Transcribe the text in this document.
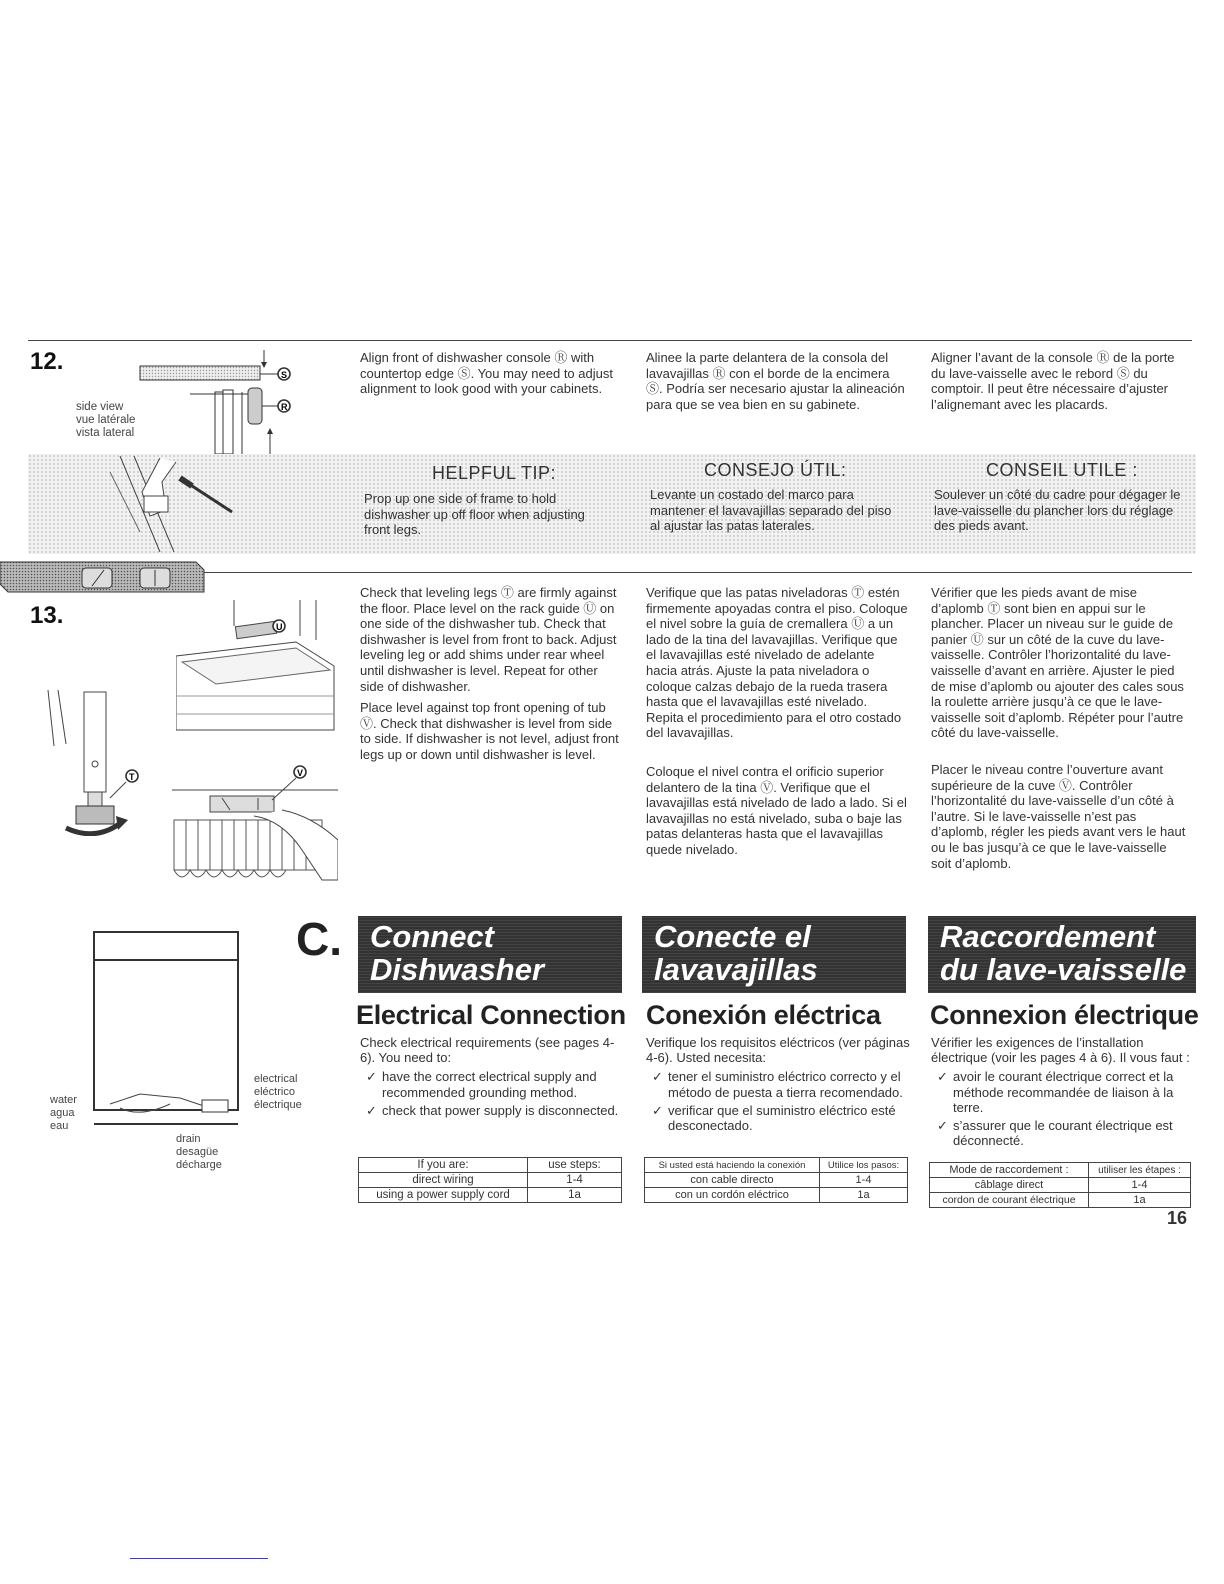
12.	S
R
side view
vue latérale
vista lateral

Align front of dishwasher console Ⓡ with countertop edge Ⓢ. You may need to adjust alignment to look good with your cabinets.

Alinee la parte delantera de la consola del lavavajillas Ⓡ con el borde de la encimera Ⓢ. Podría ser necesario ajustar la alineación para que se vea bien en su gabinete.

Aligner l’avant de la console Ⓡ de la porte du lave-vaisselle avec le rebord Ⓢ du comptoir. Il peut être nécessaire d’ajuster l’alignemant avec les placards.

HELPFUL TIP:
Prop up one side of frame to hold dishwasher up off floor when adjusting front legs.
CONSEJO ÚTIL:
Levante un costado del marco para mantener el lavavajillas separado del piso al ajustar las patas laterales.
CONSEIL UTILE :
Soulever un côté du cadre pour dégager le lave-vaisselle du plancher lors du réglage des pieds avant.
13.	U
T	V

Check that leveling legs Ⓣ are firmly against the floor. Place level on the rack guide Ⓤ on one side of the dishwasher tub. Check that dishwasher is level from front to back. Adjust leveling leg or add shims under rear wheel until dishwasher is level. Repeat for other side of dishwasher.

Place level against top front opening of tub Ⓥ. Check that dishwasher is level from side to side. If dishwasher is not level, adjust front legs up or down until dishwasher is level.

Verifique que las patas niveladoras Ⓣ estén firmemente apoyadas contra el piso. Coloque el nivel sobre la guía de cremallera Ⓤ a un lado de la tina del lavavajillas. Verifique que el lavavajillas esté nivelado de adelante hacia atrás. Ajuste la pata niveladora o coloque calzas debajo de la rueda trasera hasta que el lavavajillas esté nivelado. Repita el procedimiento para el otro costado del lavavajillas.

Coloque el nivel contra el orificio superior delantero de la tina Ⓥ. Verifique que el lavavajillas está nivelado de lado a lado. Si el lavavajillas no está nivelado, suba o baje las patas delanteras hasta que el lavavajillas quede nivelado.

Vérifier que les pieds avant de mise d’aplomb Ⓣ sont bien en appui sur le plancher. Placer un niveau sur le guide de panier Ⓤ sur un côté de la cuve du lave-vaisselle. Contrôler l’horizontalité du lave-vaisselle d’avant en arrière. Ajuster le pied de mise d’aplomb ou ajouter des cales sous la roulette arrière jusqu’à ce que le lave-vaisselle soit d’aplomb. Répéter pour l’autre côté du lave-vaisselle.

Placer le niveau contre l’ouverture avant supérieure de la cuve Ⓥ. Contrôler l’horizontalité du lave-vaisselle d’un côté à l’autre. Si le lave-vaisselle n’est pas d’aplomb, régler les pieds avant vers le haut ou le bas jusqu’à ce que le lave-vaisselle soit d’aplomb.

water
agua
eau
electrical
eléctrico
électrique
drain
desagüe
décharge
C. Connect
Dishwasher
Conecte el
lavavajillas
Raccordement
du lave-vaisselle
Electrical Connection Conexión eléctrica Connexion électrique
Check electrical requirements (see pages 4-6). You need to:
✓ have the correct electrical supply and recommended grounding method.
✓ check that power supply is disconnected.
Verifique los requisitos eléctricos (ver páginas 4-6). Usted necesita:
✓ tener el suministro eléctrico correcto y el método de puesta a tierra recomendado.
✓ verificar que el suministro eléctrico esté desconectado.
Vérifier les exigences de l’installation électrique (voir les pages 4 à 6). Il vous faut :
✓ avoir le courant électrique correct et la méthode recommandée de liaison à la terre.
✓ s’assurer que le courant électrique est déconnecté.
If you are:	use steps:
direct wiring	1-4
using a power supply cord	1a
Si usted está haciendo la conexión	Utilice los pasos:
con cable directo	1-4
con un cordón eléctrico	1a
Mode de raccordement :	utiliser les étapes :
câblage direct	1-4
cordon de courant électrique	1a
16
